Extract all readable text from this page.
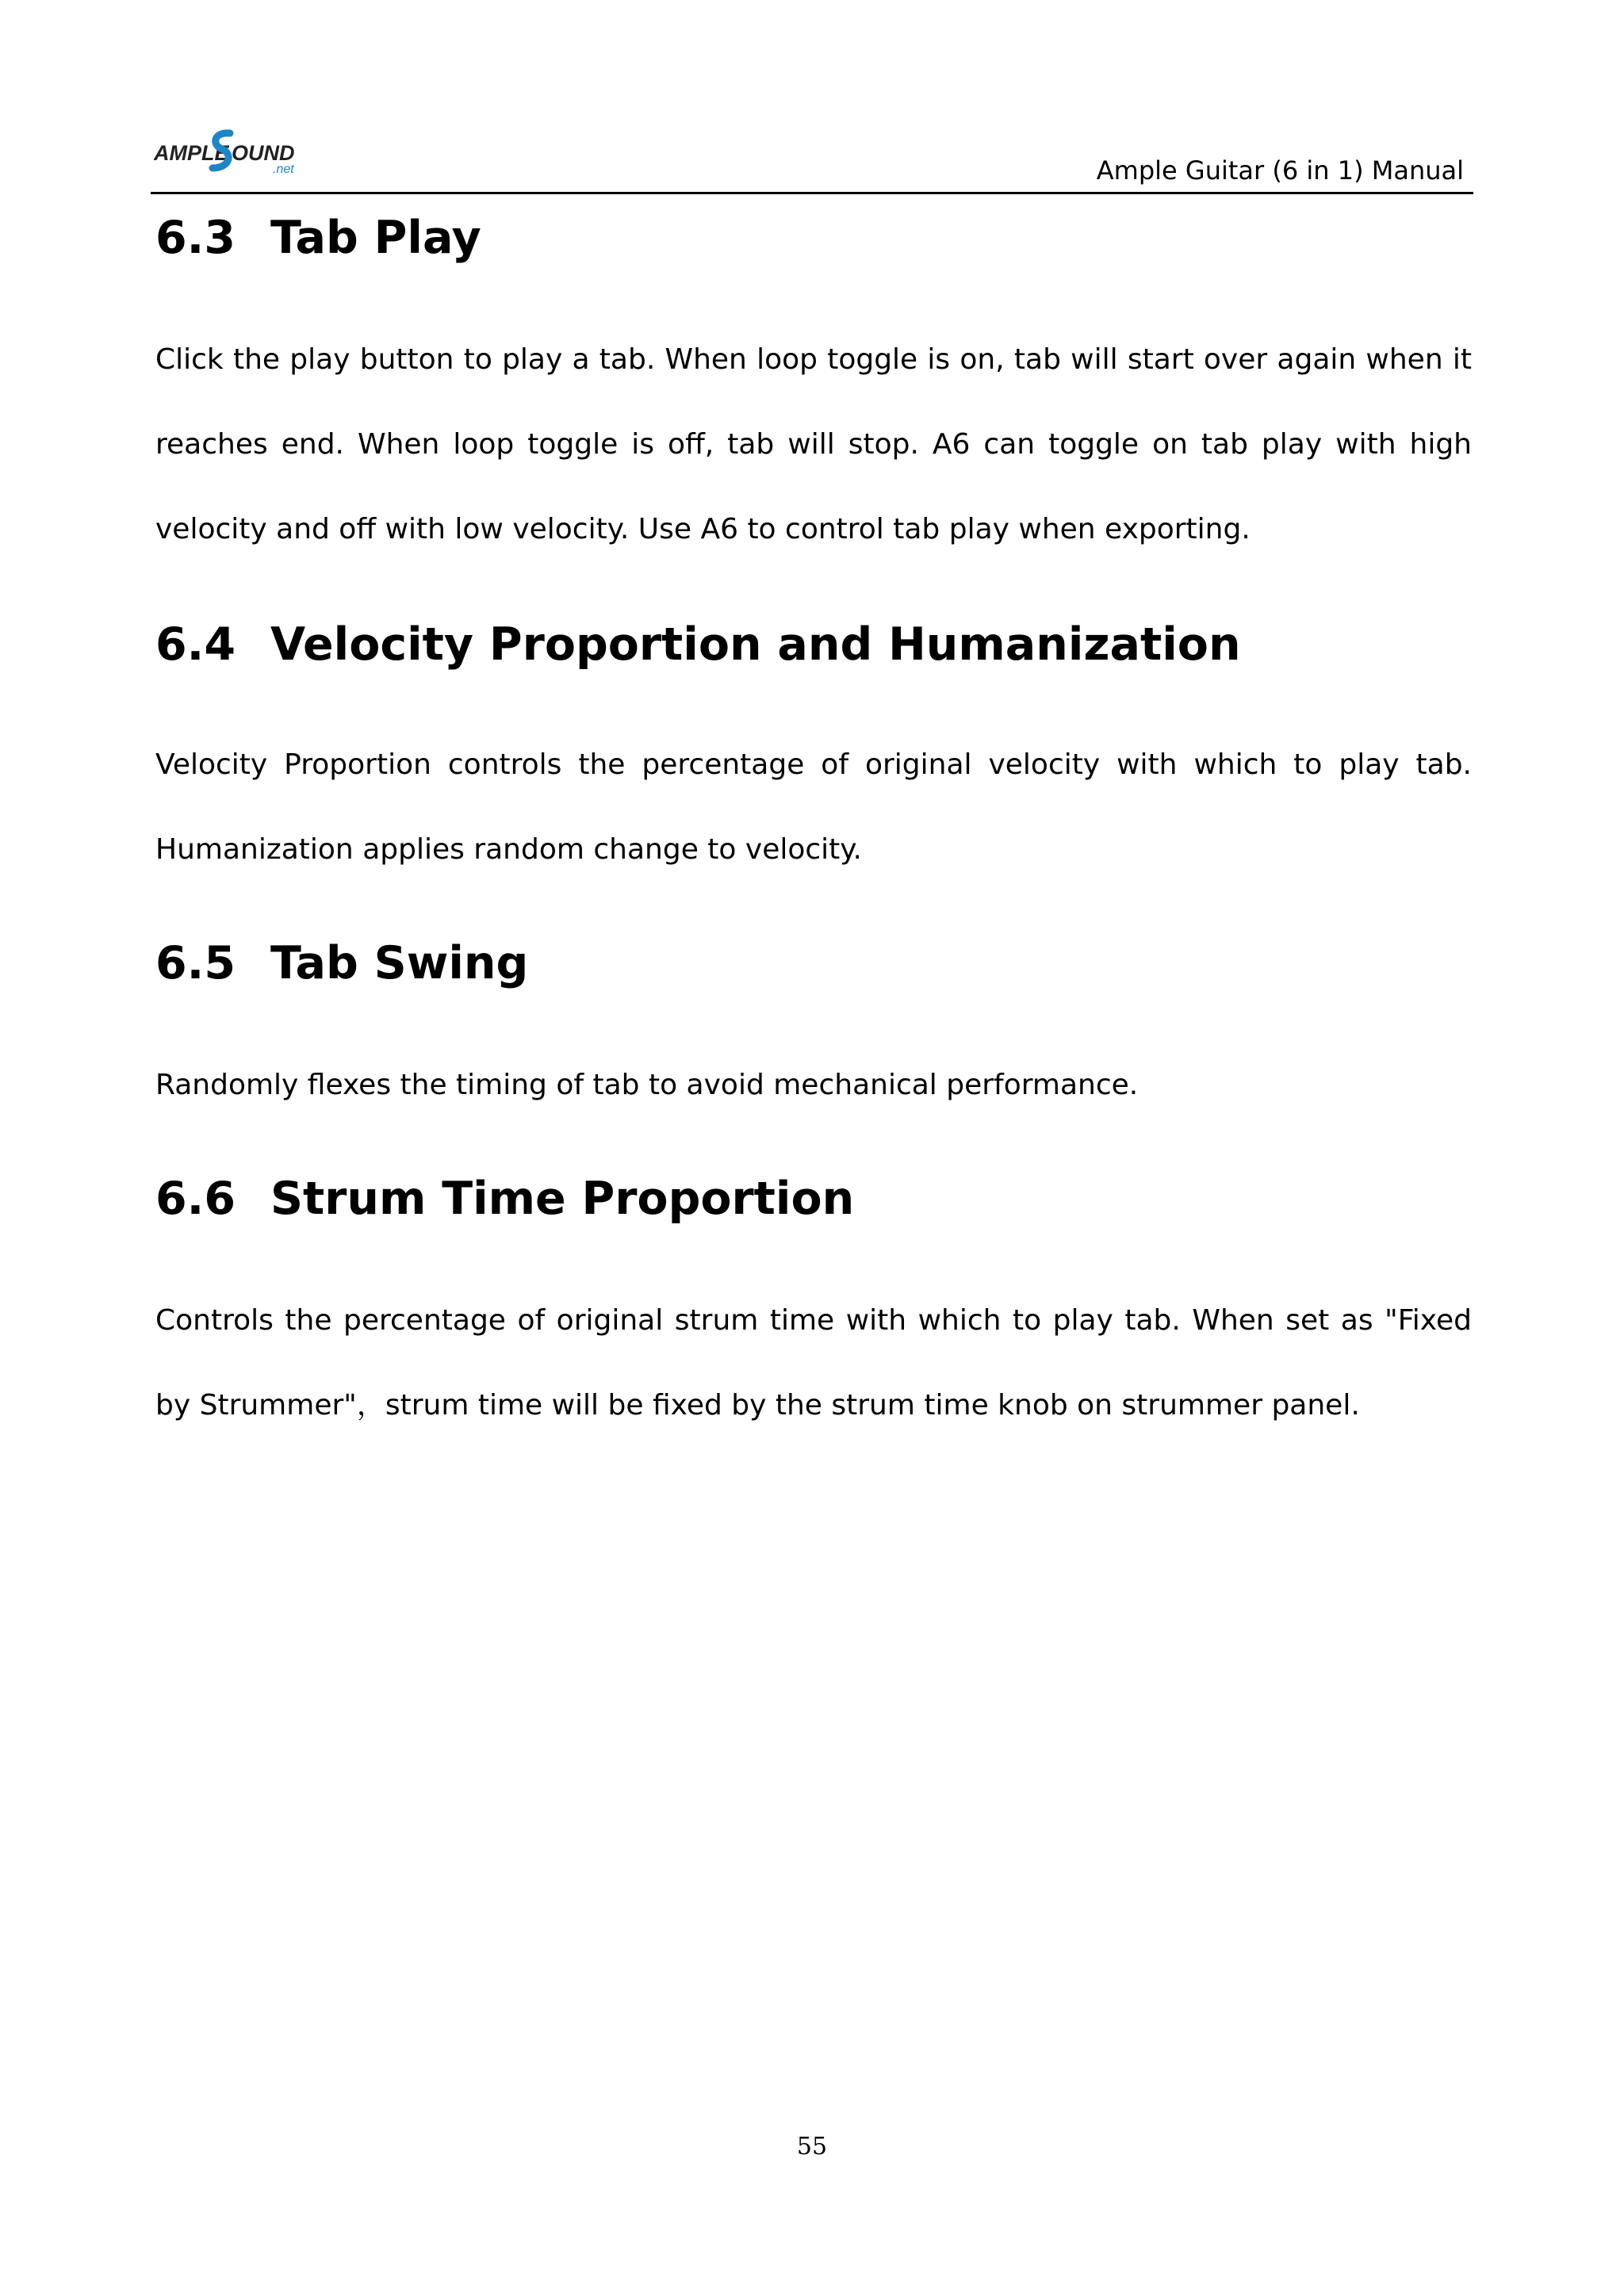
AMPLE OUND
.net	Ample Guitar (6 in 1) Manual
6.3 Tab Play

Click the play button to play a tab. When loop toggle is on, tab will start over again when it reaches end. When loop toggle is off, tab will stop. A6 can toggle on tab play with high velocity and off with low velocity. Use A6 to control tab play when exporting.

6.4 Velocity Proportion and Humanization

Velocity Proportion controls the percentage of original velocity with which to play tab. Humanization applies random change to velocity.

6.5 Tab Swing

Randomly flexes the timing of tab to avoid mechanical performance.

6.6 Strum Time Proportion

Controls the percentage of original strum time with which to play tab. When set as "Fixed by Strummer"，strum time will be fixed by the strum time knob on strummer panel.

55
